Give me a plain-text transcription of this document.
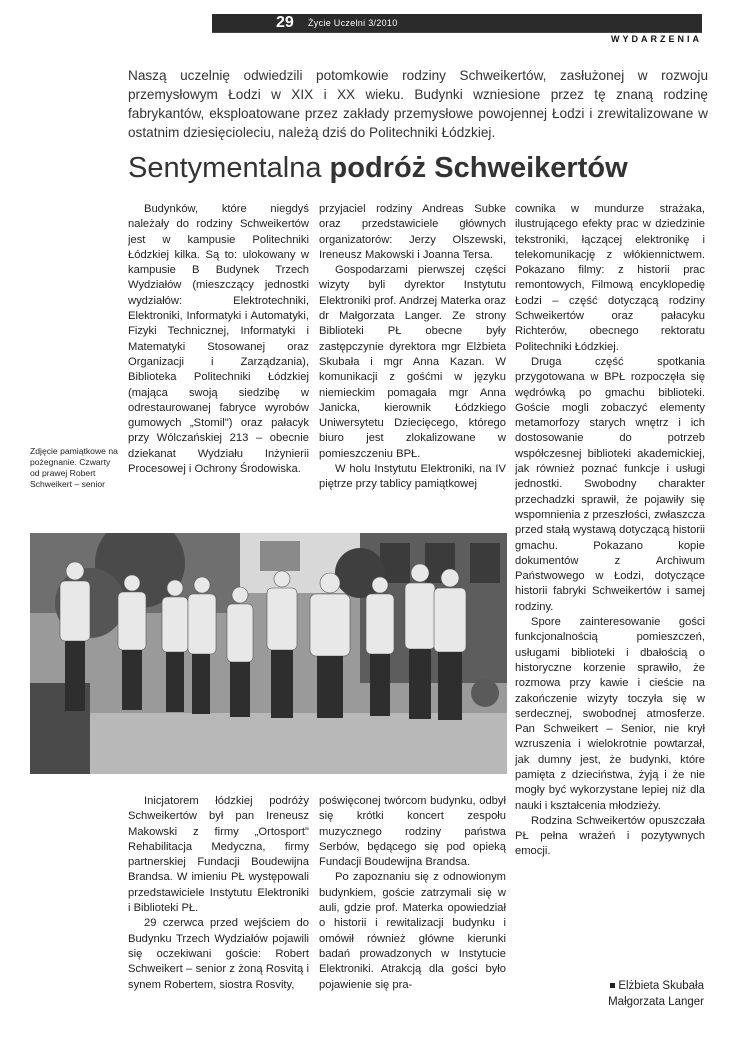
29 Życie Uczelni 3/2010
WYDARZENIA
Naszą uczelnię odwiedzili potomkowie rodziny Schweikertów, zasłużonej w rozwoju przemysłowym Łodzi w XIX i XX wieku. Budynki wzniesione przez tę znaną rodzinę fabrykantów, eksploatowane przez zakłady przemysłowe powojennej Łodzi i zrewitalizowane w ostatnim dziesięcioleciu, należą dziś do Politechniki Łódzkiej.
Sentymentalna podróż Schweikertów

Budynków, które niegdyś należały do rodziny Schweikertów jest w kampusie Politechniki Łódzkiej kilka. Są to: ulokowany w kampusie B Budynek Trzech Wydziałów (mieszczący jednostki wydziałów: Elektrotechniki, Elektroniki, Informatyki i Automatyki, Fizyki Technicznej, Informatyki i Matematyki Stosowanej oraz Organizacji i Zarządzania), Biblioteka Politechniki Łódzkiej (mająca swoją siedzibę w odrestaurowanej fabryce wyrobów gumowych „Stomil") oraz pałacyk przy Wólczańskiej 213 – obecnie dziekanat Wydziału Inżynierii Procesowej i Ochrony Środowiska.

przyjaciel rodziny Andreas Subke oraz przedstawiciele głównych organizatorów: Jerzy Olszewski, Ireneusz Makowski i Joanna Tersa.

Gospodarzami pierwszej części wizyty byli dyrektor Instytutu Elektroniki prof. Andrzej Materka oraz dr Małgorzata Langer. Ze strony Biblioteki PŁ obecne były zastępczynie dyrektora mgr Elżbieta Skubała i mgr Anna Kazan. W komunikacji z gośćmi w języku niemieckim pomagała mgr Anna Janicka, kierownik Łódzkiego Uniwersytetu Dziecięcego, którego biuro jest zlokalizowane w pomieszczeniu BPŁ.

W holu Instytutu Elektroniki, na IV piętrze przy tablicy pamiątkowej

cownika w mundurze strażaka, ilustrującego efekty prac w dziedzinie tekstroniki, łączącej elektronikę i telekomunikację z włókiennictwem. Pokazano filmy: z historii prac remontowych, Filmową encyklopedię Łodzi – część dotyczącą rodziny Schweikertów oraz pałacyku Richterów, obecnego rektoratu Politechniki Łódzkiej.

Druga część spotkania przygotowana w BPŁ rozpoczęła się wędrówką po gmachu biblioteki. Goście mogli zobaczyć elementy metamorfozy starych wnętrz i ich dostosowanie do potrzeb współczesnej biblioteki akademickiej, jak również poznać funkcje i usługi jednostki. Swobodny charakter przechadzki sprawił, że pojawiły się wspomnienia z przeszłości, zwłaszcza przed stałą wystawą dotyczącą historii gmachu. Pokazano kopie dokumentów z Archiwum Państwowego w Łodzi, dotyczące historii fabryki Schweikertów i samej rodziny.

Spore zainteresowanie gości funkcjonalnością pomieszczeń, usługami biblioteki i dbałością o historyczne korzenie sprawiło, że rozmowa przy kawie i cieście na zakończenie wizyty toczyła się w serdecznej, swobodnej atmosferze. Pan Schweikert – Senior, nie krył wzruszenia i wielokrotnie powtarzał, jak dumny jest, że budynki, które pamięta z dzieciństwa, żyją i że nie mogły być wykorzystane lepiej niż dla nauki i kształcenia młodzieży.

Rodzina Schweikertów opuszczała PŁ pełna wrażeń i pozytywnych emocji.

Zdjęcie pamiątkowe na pożegnanie. Czwarty od prawej Robert Schweikert – senior

Inicjatorem łódzkiej podróży Schweikertów był pan Ireneusz Makowski z firmy „Ortosport" Rehabilitacja Medyczna, firmy partnerskiej Fundacji Boudewijna Brandsa. W imieniu PŁ występowali przedstawiciele Instytutu Elektroniki i Biblioteki PŁ.

29 czerwca przed wejściem do Budynku Trzech Wydziałów pojawili się oczekiwani goście: Robert Schweikert – senior z żoną Rosvitą i synem Robertem, siostra Rosvity,

poświęconej twórcom budynku, odbył się krótki koncert zespołu muzycznego rodziny państwa Serbów, będącego się pod opieką Fundacji Boudewijna Brandsa.

Po zapoznaniu się z odnowionym budynkiem, goście zatrzymali się w auli, gdzie prof. Materka opowiedział o historii i rewitalizacji budynku i omówił również główne kierunki badań prowadzonych w Instytucie Elektroniki. Atrakcją dla gości było pojawienie się pra-	Elżbieta Skubała
Małgorzata Langer
